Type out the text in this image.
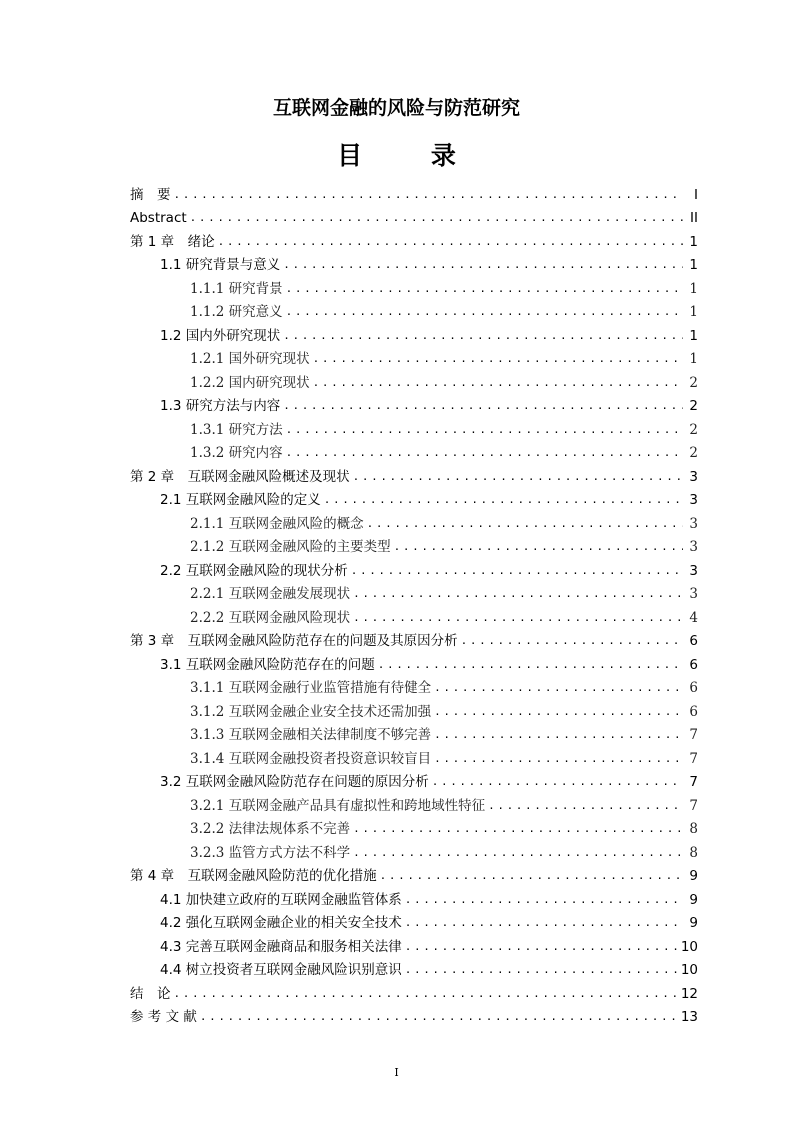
互联网金融的风险与防范研究
目 录
摘　要 .....	I
Abstract .....	II
第 1 章　绪论 .....	1
1.1 研究背景与意义 .....	1
1.1.1 研究背景 .....	1
1.1.2 研究意义 .....	1
1.2 国内外研究现状 .....	1
1.2.1 国外研究现状 .....	1
1.2.2 国内研究现状 .....	2
1.3 研究方法与内容 .....	2
1.3.1 研究方法 .....	2
1.3.2 研究内容 .....	2
第 2 章　互联网金融风险概述及现状 .....	3
2.1 互联网金融风险的定义 .....	3
2.1.1 互联网金融风险的概念 .....	3
2.1.2 互联网金融风险的主要类型 .....	3
2.2 互联网金融风险的现状分析 .....	3
2.2.1 互联网金融发展现状 .....	3
2.2.2 互联网金融风险现状 .....	4
第 3 章　互联网金融风险防范存在的问题及其原因分析 .....	6
3.1 互联网金融风险防范存在的问题 .....	6
3.1.1 互联网金融行业监管措施有待健全 .....	6
3.1.2 互联网金融企业安全技术还需加强 .....	6
3.1.3 互联网金融相关法律制度不够完善 .....	7
3.1.4 互联网金融投资者投资意识较盲目 .....	7
3.2 互联网金融风险防范存在问题的原因分析 .....	7
3.2.1 互联网金融产品具有虚拟性和跨地域性特征 .....	7
3.2.2 法律法规体系不完善 .....	8
3.2.3 监管方式方法不科学 .....	8
第 4 章　互联网金融风险防范的优化措施 .....	9
4.1 加快建立政府的互联网金融监管体系 .....	9
4.2 强化互联网金融企业的相关安全技术 .....	9
4.3 完善互联网金融商品和服务相关法律 .....	10
4.4 树立投资者互联网金融风险识别意识 .....	10
结　论 .....	12
参 考 文 献 .....	13
I
